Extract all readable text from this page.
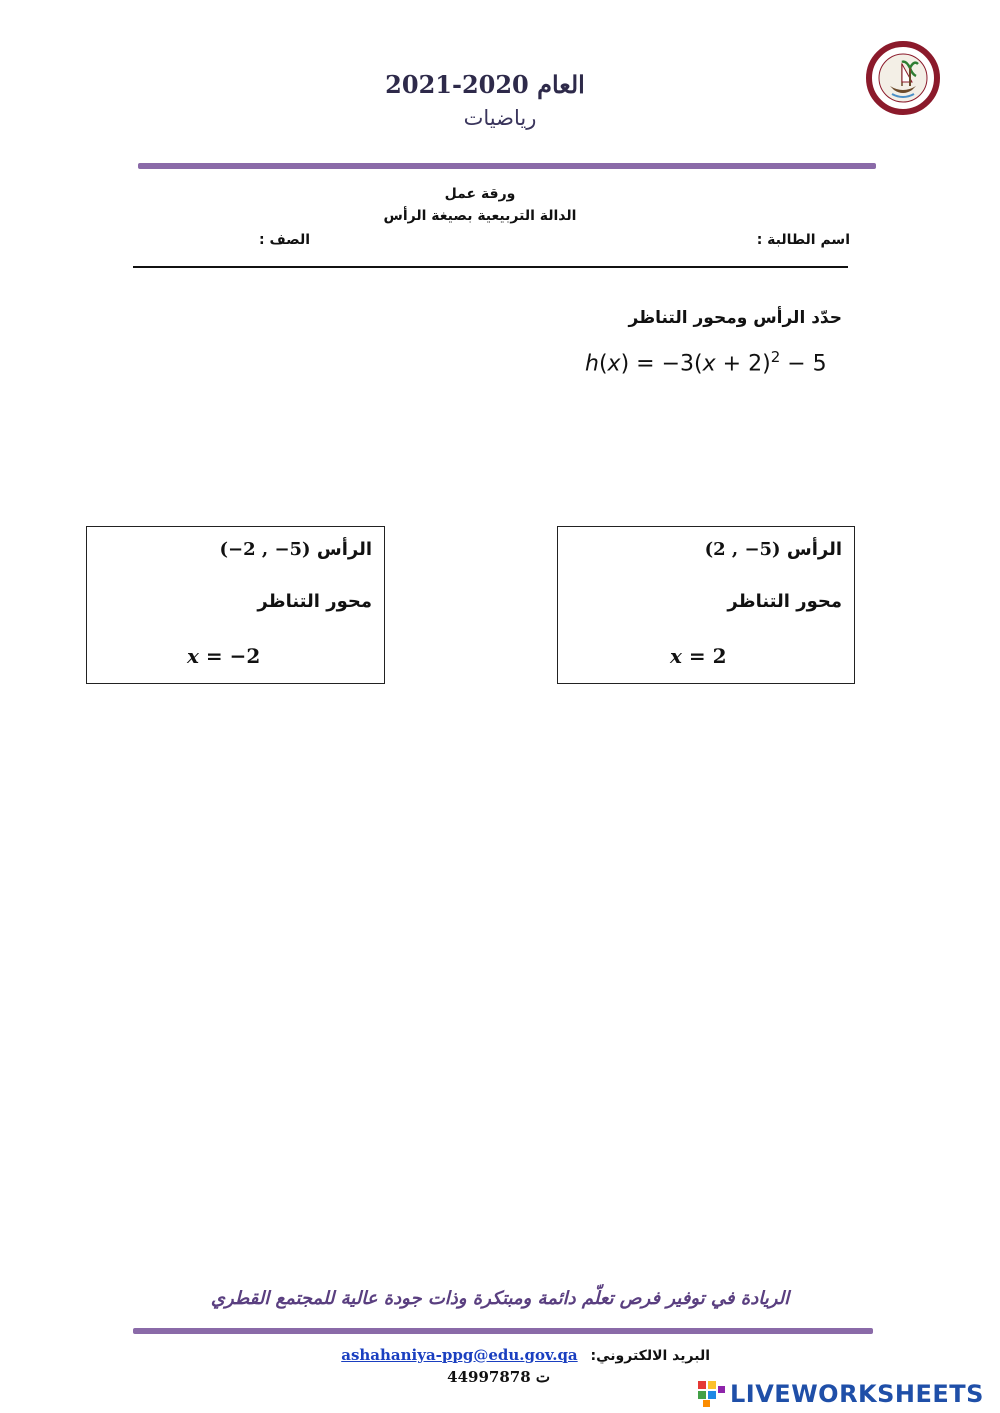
العام 2020-2021
رياضيات
ورقة عمل
الدالة التربيعية بصيغة الرأس
اسم الطالبة :
الصف :
حدّد الرأس ومحور التناظر
$h(x) = -3(x + 2)^2 - 5$
الرأس (−2 , −5)
محور التناظر
x = −2
الرأس (2 , −5)
محور التناظر
x = 2
الريادة في توفير فرص تعلّم دائمة ومبتكرة وذات جودة عالية للمجتمع القطري
البريد الالكتروني: ashahaniya-ppg@edu.gov.qa
ت 44997878
LIVEWORKSHEETS
